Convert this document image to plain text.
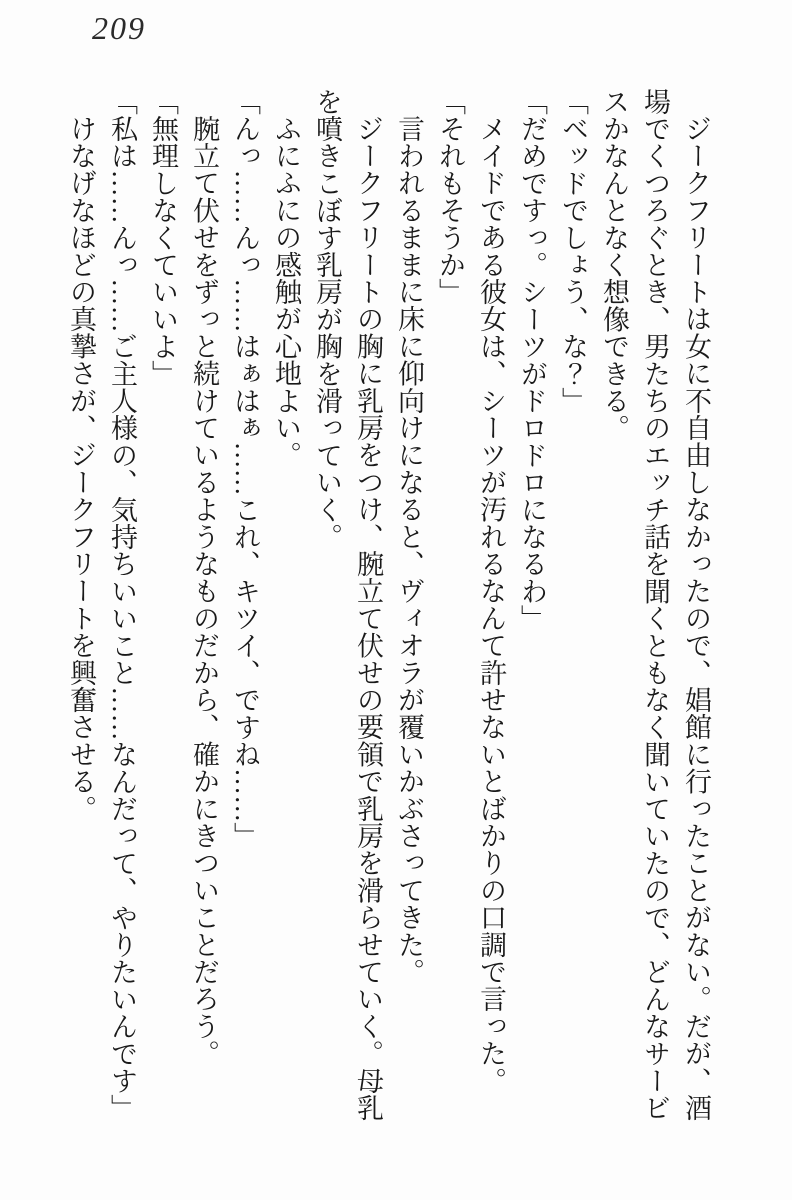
209

ジークフリートは女に不自由しなかったので、娼館に行ったことがない。だが、酒

場でくつろぐとき、男たちのエッチ話を聞くともなく聞いていたので、どんなサービ

スかなんとなく想像できる。

「ベッドでしょう、な？」

「だめですっ。シーツがドロドロになるわ」

メイドである彼女は、シーツが汚れるなんて許せないとばかりの口調で言った。

「それもそうか」

言われるままに床に仰向けになると、ヴィオラが覆いかぶさってきた。

ジークフリートの胸に乳房をつけ、腕立て伏せの要領で乳房を滑らせていく。母乳

を噴きこぼす乳房が胸を滑っていく。

ふにふにの感触が心地よい。

「んっ……んっ……はぁはぁ……これ、キツイ、ですね……」

腕立て伏せをずっと続けているようなものだから、確かにきついことだろう。

「無理しなくていいよ」

「私は……んっ……ご主人様の、気持ちいいこと……なんだって、やりたいんです」

けなげなほどの真摯さが、ジークフリートを興奮させる。
